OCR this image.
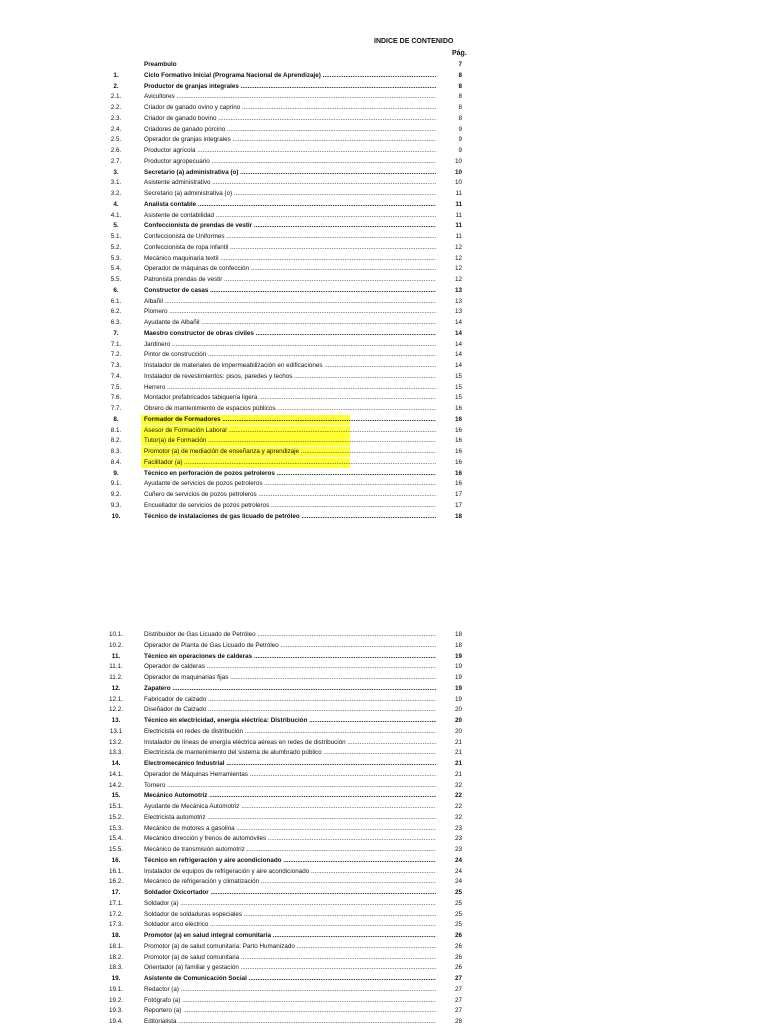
INDICE DE CONTENIDO
Pág.
Preambulo	7
1.	Ciclo Formativo Inicial (Programa Nacional de Aprendizaje) .....	8
2.	Productor de granjas integrales .....	8
2.1.	Avicultores .....	8
2.2.	Criador de ganado ovino y caprino .....	8
2.3.	Criador de ganado bovino .....	8
2.4.	Criadores de ganado porcino .....	9
2.5.	Operador de granjas integrales .....	9
2.6.	Productor agrícola .....	9
2.7.	Productor agropecuario .....	10
3.	Secretario (a) administrativa (o) .....	10
3.1.	Asistente administrativo .....	10
3.2.	Secretario (a) administrativa (o) .....	11
4.	Analista contable .....	11
4.1.	Asistente de contabilidad .....	11
5.	Confeccionista de prendas de vestir .....	11
5.1.	Confeccionista de Uniformes .....	11
5.2.	Confeccionista de ropa infantil .....	12
5.3.	Mecánico maquinaria textil .....	12
5.4.	Operador de máquinas de confección .....	12
5.5.	Patronista prendas de vestir .....	12
6.	Constructor de casas .....	13
6.1.	Albañil .....	13
6.2.	Plomero .....	13
6.3.	Ayudante de Albañil .....	14
7.	Maestro constructor de obras civiles .....	14
7.1.	Jardinero .....	14
7.2.	Pintor de construcción .....	14
7.3.	Instalador de materiales de impermeabilización en edificaciones .....	14
7.4.	Instalador de revestimientos: pisos, paredes y techos .....	15
7.5.	Herrero .....	15
7.6.	Montador prefabricados tabiquería ligera .....	15
7.7.	Obrero de mantenimiento de espacios públicos .....	16
8.	Formador de Formadores .....	16
8.1.	Asesor de Formación Laboral .....	16
8.2.	Tutor(a) de Formación .....	16
8.3.	Promotor (a) de mediación de enseñanza y aprendizaje .....	16
8.4.	Facilitador (a) .....	16
9.	Técnico en perforación de pozos petroleros .....	16
9.1.	Ayudante de servicios de pozos petroleros .....	16
9.2.	Cuñero de servicios de pozos petroleros .....	17
9.3.	Encuellador de servicios de pozos petroleros .....	17
10.	Técnico de instalaciones de gas licuado de petróleo .....	18
10.1.	Distribuidor de Gas Licuado de Petróleo .....	18
10.2.	Operador de Planta de Gas Licuado de Petróleo .....	18
11.	Técnico en operaciones de calderas .....	19
11.1.	Operador de calderas .....	19
11.2.	Operador de maquinarias fijas .....	19
12.	Zapatero .....	19
12.1.	Fabricador de calzado .....	19
12.2.	Diseñador de Calzado .....	20
13.	Técnico en electricidad, energía eléctrica: Distribución .....	20
13.1	Electricista en redes de distribución .....	20
13.2.	Instalador de líneas de energía eléctrica aéreas en redes de distribución .....	21
13.3.	Electricista de mantenimiento del sistema de alumbrado público .....	21
14.	Electromecánico Industrial .....	21
14.1.	Operador de Máquinas Herramientas .....	21
14.2.	Tornero .....	22
15.	Mecánico Automotriz .....	22
15.1.	Ayudante de Mecánica Automotriz .....	22
15.2.	Electricista automotriz .....	22
15.3.	Mecánico de motores a gasolina .....	23
15.4.	Mecánico dirección y frenos de automóviles .....	23
15.5.	Mecánico de transmisión automotriz .....	23
16.	Técnico en refrigeración y aire acondicionado .....	24
16.1.	Instalador de equipos de refrigeración y aire acondicionado .....	24
16.2.	Mecánico de refrigeración y climatización .....	24
17.	Soldador Oxicortador .....	25
17.1.	Soldador (a) .....	25
17.2.	Soldador de soldaduras especiales .....	25
17.3.	Soldador arco eléctrico .....	25
18.	Promotor (a) en salud integral comunitaria .....	26
18.1.	Promotor (a) de salud comunitaria: Parto Humanizado .....	26
18.2.	Promotor (a) de salud comunitaria .....	26
18.3.	Orientador (a) familiar y gestación .....	26
19.	Asistente de Comunicación Social .....	27
19.1.	Redactor (a) .....	27
19.2.	Fotógrafo (a) .....	27
19.3.	Reportero (a) .....	27
19.4.	Editorialista .....	28
